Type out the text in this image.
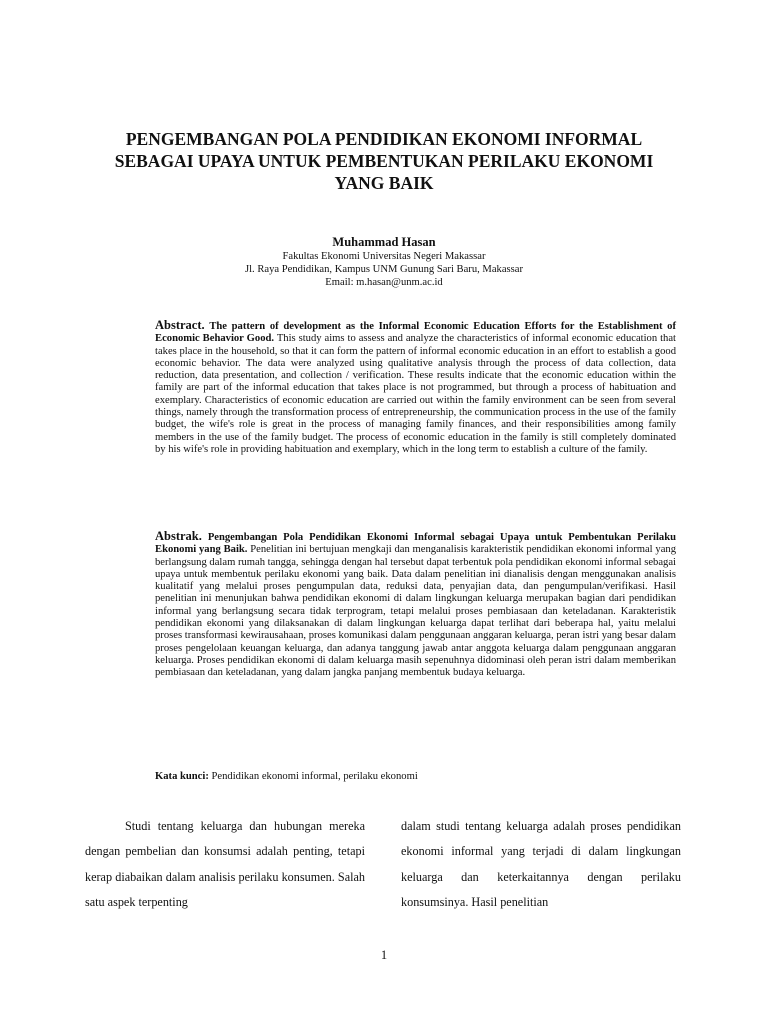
PENGEMBANGAN POLA PENDIDIKAN EKONOMI INFORMAL
SEBAGAI UPAYA UNTUK PEMBENTUKAN PERILAKU EKONOMI
YANG BAIK
Muhammad Hasan
Fakultas Ekonomi Universitas Negeri Makassar
Jl. Raya Pendidikan, Kampus UNM Gunung Sari Baru, Makassar
Email: m.hasan@unm.ac.id

Abstract. The pattern of development as the Informal Economic Education Efforts for the Establishment of Economic Behavior Good. This study aims to assess and analyze the characteristics of informal economic education that takes place in the household, so that it can form the pattern of informal economic education in an effort to establish a good economic behavior. The data were analyzed using qualitative analysis through the process of data collection, data reduction, data presentation, and collection / verification. These results indicate that the economic education within the family are part of the informal education that takes place is not programmed, but through a process of habituation and exemplary. Characteristics of economic education are carried out within the family environment can be seen from several things, namely through the transformation process of entrepreneurship, the communication process in the use of the family budget, the wife's role is great in the process of managing family finances, and their responsibilities among family members in the use of the family budget. The process of economic education in the family is still completely dominated by his wife's role in providing habituation and exemplary, which in the long term to establish a culture of the family.

Abstrak. Pengembangan Pola Pendidikan Ekonomi Informal sebagai Upaya untuk Pembentukan Perilaku Ekonomi yang Baik. Penelitian ini bertujuan mengkaji dan menganalisis karakteristik pendidikan ekonomi informal yang berlangsung dalam rumah tangga, sehingga dengan hal tersebut dapat terbentuk pola pendidikan ekonomi informal sebagai upaya untuk membentuk perilaku ekonomi yang baik. Data dalam penelitian ini dianalisis dengan menggunakan analisis kualitatif yang melalui proses pengumpulan data, reduksi data, penyajian data, dan pengumpulan/verifikasi. Hasil penelitian ini menunjukan bahwa pendidikan ekonomi di dalam lingkungan keluarga merupakan bagian dari pendidikan informal yang berlangsung secara tidak terprogram, tetapi melalui proses pembiasaan dan keteladanan. Karakteristik pendidikan ekonomi yang dilaksanakan di dalam lingkungan keluarga dapat terlihat dari beberapa hal, yaitu melalui proses transformasi kewirausahaan, proses komunikasi dalam penggunaan anggaran keluarga, peran istri yang besar dalam proses pengelolaan keuangan keluarga, dan adanya tanggung jawab antar anggota keluarga dalam penggunaan anggaran keluarga. Proses pendidikan ekonomi di dalam keluarga masih sepenuhnya didominasi oleh peran istri dalam memberikan pembiasaan dan keteladanan, yang dalam jangka panjang membentuk budaya keluarga.

Kata kunci: Pendidikan ekonomi informal, perilaku ekonomi

Studi tentang keluarga dan hubungan mereka dengan pembelian dan konsumsi adalah penting, tetapi kerap diabaikan dalam analisis perilaku konsumen. Salah satu aspek terpenting

dalam studi tentang keluarga adalah proses pendidikan ekonomi informal yang terjadi di dalam lingkungan keluarga dan keterkaitannya dengan perilaku konsumsinya. Hasil penelitian

1
